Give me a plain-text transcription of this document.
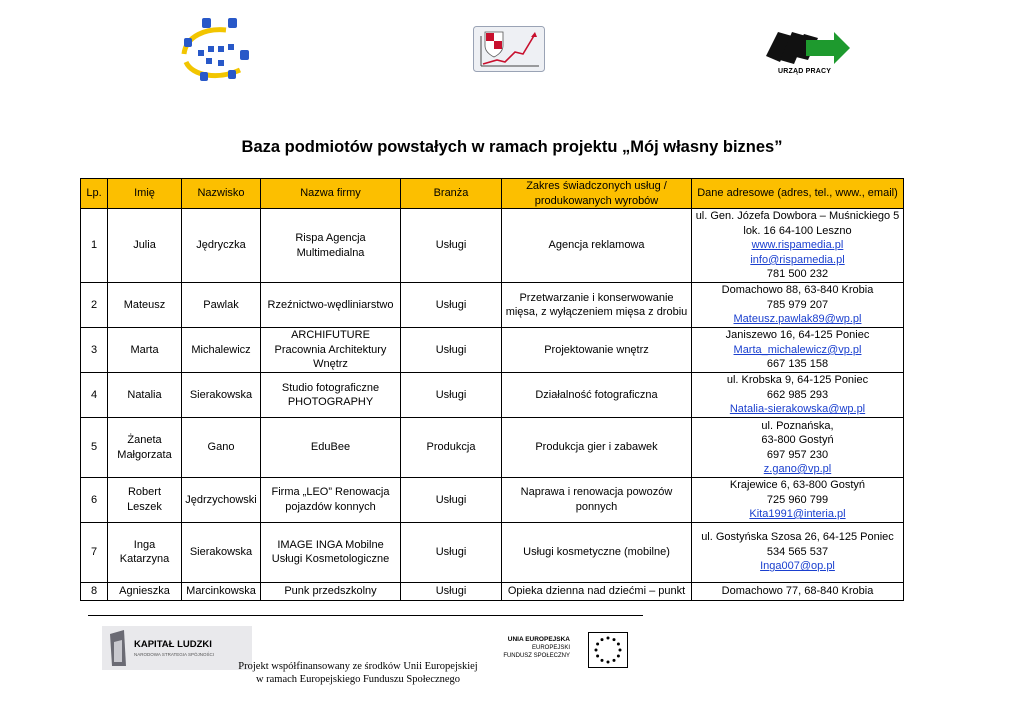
URZĄD PRACY
Baza podmiotów powstałych w ramach projektu „Mój własny biznes”
Lp.	Imię	Nazwisko	Nazwa firmy	Branża	Zakres świadczonych usług / produkowanych wyrobów	Dane adresowe (adres, tel., www., email)
1	Julia	Jędryczka	Rispa Agencja Multimedialna	Usługi	Agencja reklamowa	ul. Gen. Józefa Dowbora – Muśnickiego 5 lok. 16 64-100 Leszno
www.rispamedia.pl
info@rispamedia.pl
781 500 232

2	Mateusz	Pawlak	Rzeźnictwo-wędliniarstwo	Usługi	Przetwarzanie i konserwowanie mięsa, z wyłączeniem mięsa z drobiu	Domachowo 88, 63-840 Krobia
785 979 207
Mateusz.pawlak89@wp.pl

3	Marta	Michalewicz	ARCHIFUTURE Pracownia Architektury Wnętrz	Usługi	Projektowanie wnętrz	Janiszewo 16, 64-125 Poniec
Marta_michalewicz@vp.pl
667 135 158

4	Natalia	Sierakowska	Studio fotograficzne PHOTOGRAPHY	Usługi	Działalność fotograficzna	ul. Krobska 9, 64-125 Poniec
662 985 293
Natalia-sierakowska@wp.pl

5	Żaneta Małgorzata	Gano	EduBee	Produkcja	Produkcja gier i zabawek	ul. Poznańska,
63-800 Gostyń
697 957 230
z.gano@vp.pl

6	Robert Leszek	Jędrzychowski	Firma „LEO” Renowacja pojazdów konnych	Usługi	Naprawa i renowacja powozów ponnych	Krajewice 6, 63-800 Gostyń
725 960 799
Kita1991@interia.pl

7	Inga Katarzyna	Sierakowska	IMAGE INGA Mobilne Usługi Kosmetologiczne	Usługi	Usługi kosmetyczne (mobilne)	ul. Gostyńska Szosa 26, 64-125 Poniec
534 565 537
Inga007@op.pl

8	Agnieszka	Marcinkowska	Punk przedszkolny	Usługi	Opieka dzienna nad dziećmi – punkt	Domachowo 77, 68-840 Krobia
KAPITAŁ LUDZKI
NARODOWA STRATEGIA SPÓJNOŚCI
Projekt współfinansowany ze środków Unii Europejskiej
w ramach Europejskiego Funduszu Społecznego
UNIA EUROPEJSKA
EUROPEJSKI
FUNDUSZ SPOŁECZNY
